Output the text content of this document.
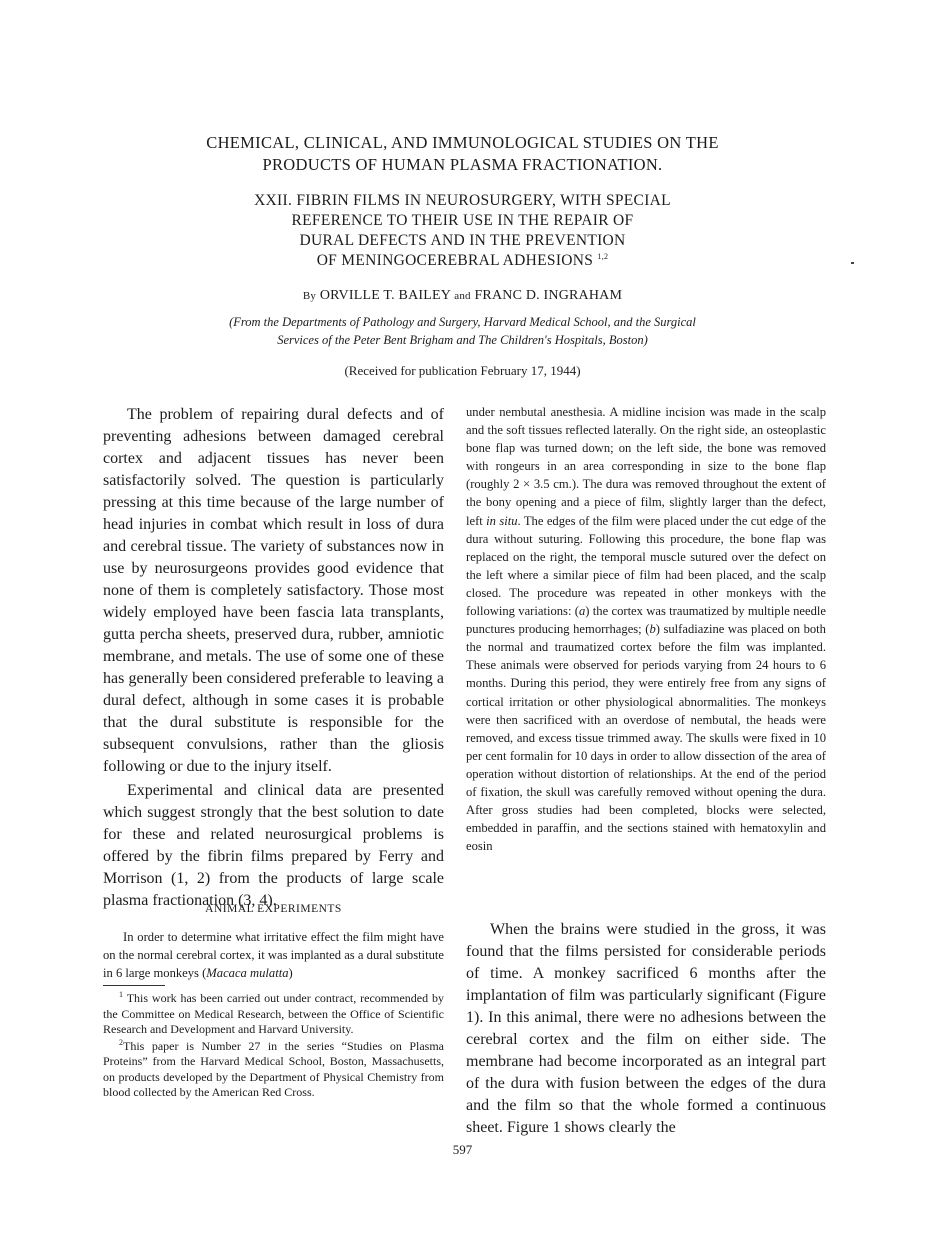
CHEMICAL, CLINICAL, AND IMMUNOLOGICAL STUDIES ON THE
PRODUCTS OF HUMAN PLASMA FRACTIONATION.
XXII. FIBRIN FILMS IN NEUROSURGERY, WITH SPECIAL
REFERENCE TO THEIR USE IN THE REPAIR OF
DURAL DEFECTS AND IN THE PREVENTION
OF MENINGOCEREBRAL ADHESIONS $^{1,2}$
By ORVILLE T. BAILEY and FRANC D. INGRAHAM
(From the Departments of Pathology and Surgery, Harvard Medical School, and the Surgical
Services of the Peter Bent Brigham and The Children's Hospitals, Boston)
(Received for publication February 17, 1944)

The problem of repairing dural defects and of preventing adhesions between damaged cerebral cortex and adjacent tissues has never been satisfactorily solved. The question is particularly pressing at this time because of the large number of head injuries in combat which result in loss of dura and cerebral tissue. The variety of substances now in use by neurosurgeons provides good evidence that none of them is completely satisfactory. Those most widely employed have been fascia lata transplants, gutta percha sheets, preserved dura, rubber, amniotic membrane, and metals. The use of some one of these has generally been considered preferable to leaving a dural defect, although in some cases it is probable that the dural substitute is responsible for the subsequent convulsions, rather than the gliosis following or due to the injury itself.

Experimental and clinical data are presented which suggest strongly that the best solution to date for these and related neurosurgical problems is offered by the fibrin films prepared by Ferry and Morrison (1, 2) from the products of large scale plasma fractionation (3, 4).

ANIMAL EXPERIMENTS

In order to determine what irritative effect the film might have on the normal cerebral cortex, it was implanted as a dural substitute in 6 large monkeys (Macaca mulatta)

$^1$ This work has been carried out under contract, recommended by the Committee on Medical Research, between the Office of Scientific Research and Development and Harvard University.

$^2$This paper is Number 27 in the series “Studies on Plasma Proteins” from the Harvard Medical School, Boston, Massachusetts, on products developed by the Department of Physical Chemistry from blood collected by the American Red Cross.

under nembutal anesthesia. A midline incision was made in the scalp and the soft tissues reflected laterally. On the right side, an osteoplastic bone flap was turned down; on the left side, the bone was removed with rongeurs in an area corresponding in size to the bone flap (roughly 2 × 3.5 cm.). The dura was removed throughout the extent of the bony opening and a piece of film, slightly larger than the defect, left in situ. The edges of the film were placed under the cut edge of the dura without suturing. Following this procedure, the bone flap was replaced on the right, the temporal muscle sutured over the defect on the left where a similar piece of film had been placed, and the scalp closed. The procedure was repeated in other monkeys with the following variations: (a) the cortex was traumatized by multiple needle punctures producing hemorrhages; (b) sulfadiazine was placed on both the normal and traumatized cortex before the film was implanted. These animals were observed for periods varying from 24 hours to 6 months. During this period, they were entirely free from any signs of cortical irritation or other physiological abnormalities. The monkeys were then sacrificed with an overdose of nembutal, the heads were removed, and excess tissue trimmed away. The skulls were fixed in 10 per cent formalin for 10 days in order to allow dissection of the area of operation without distortion of relationships. At the end of the period of fixation, the skull was carefully removed without opening the dura. After gross studies had been completed, blocks were selected, embedded in paraffin, and the sections stained with hematoxylin and eosin

When the brains were studied in the gross, it was found that the films persisted for considerable periods of time. A monkey sacrificed 6 months after the implantation of film was particularly significant (Figure 1). In this animal, there were no adhesions between the cerebral cortex and the film on either side. The membrane had become incorporated as an integral part of the dura with fusion between the edges of the dura and the film so that the whole formed a continuous sheet. Figure 1 shows clearly the

597
